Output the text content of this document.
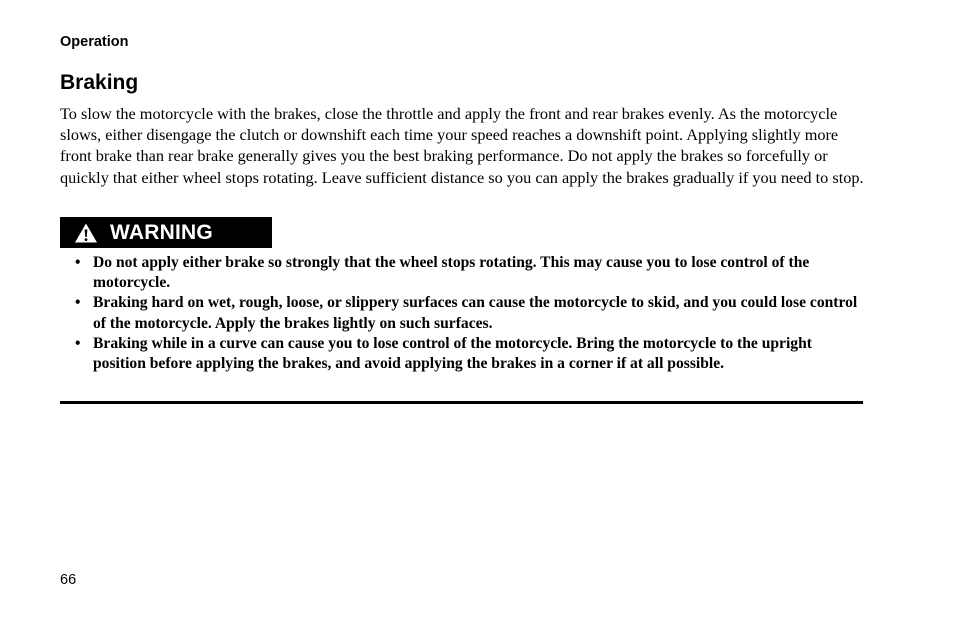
Operation
Braking

To slow the motorcycle with the brakes, close the throttle and apply the front and rear brakes evenly. As the motorcycle slows, either disengage the clutch or downshift each time your speed reaches a downshift point. Applying slightly more front brake than rear brake generally gives you the best braking performance. Do not apply the brakes so forcefully or quickly that either wheel stops rotating. Leave sufficient distance so you can apply the brakes gradually if you need to stop.

WARNING
• Do not apply either brake so strongly that the wheel stops rotating. This may cause you to lose control of the motorcycle.
• Braking hard on wet, rough, loose, or slippery surfaces can cause the motorcycle to skid, and you could lose control of the motorcycle. Apply the brakes lightly on such surfaces.
• Braking while in a curve can cause you to lose control of the motorcycle. Bring the motorcycle to the upright position before applying the brakes, and avoid applying the brakes in a corner if at all possible.
66
